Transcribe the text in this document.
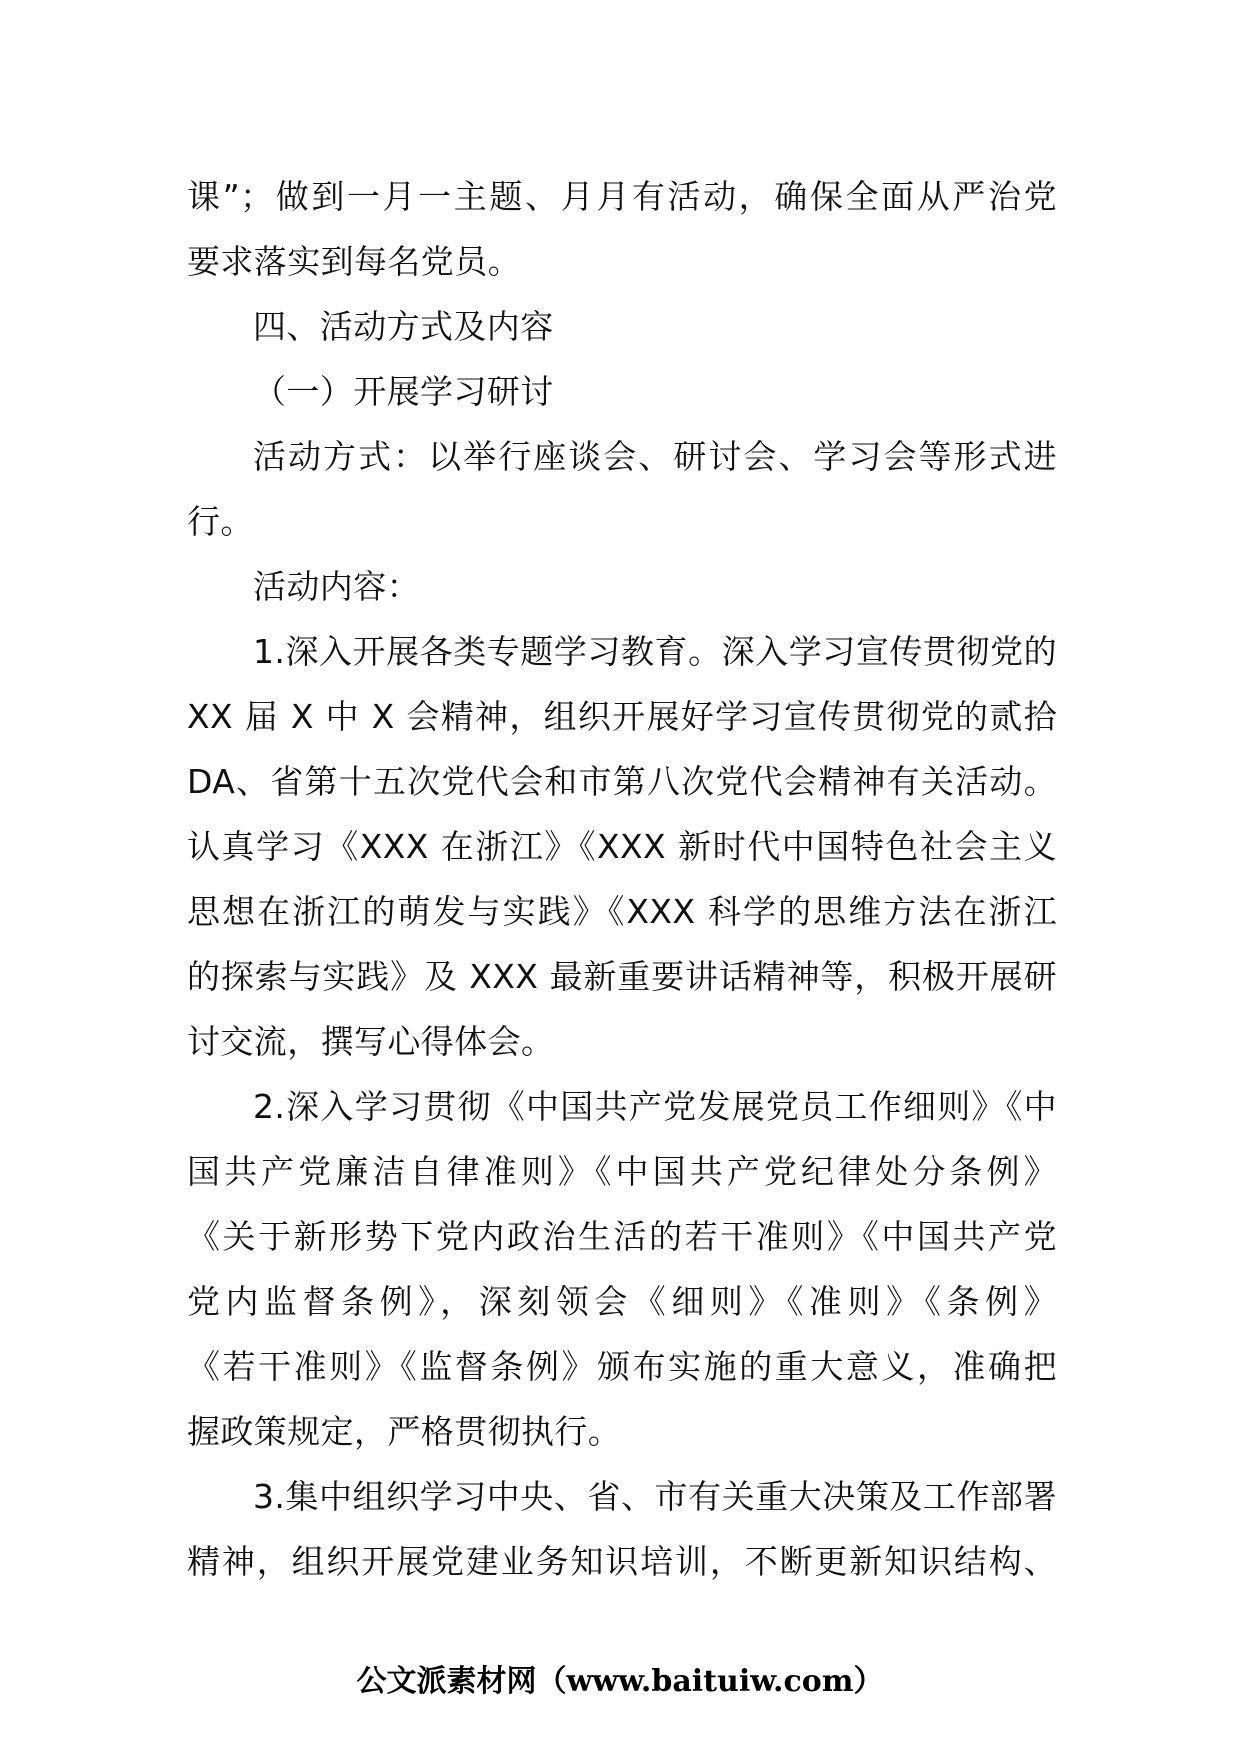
课”；做到一月一主题、月月有活动，确保全面从严治党
要求落实到每名党员。
四、活动方式及内容
（一）开展学习研讨
活动方式：以举行座谈会、研讨会、学习会等形式进
行。
活动内容：
1.深入开展各类专题学习教育。深入学习宣传贯彻党的
XX 届 X 中 X 会精神，组织开展好学习宣传贯彻党的贰拾
DA、省第十五次党代会和市第八次党代会精神有关活动。
认真学习《XXX 在浙江》《XXX 新时代中国特色社会主义
思想在浙江的萌发与实践》《XXX 科学的思维方法在浙江
的探索与实践》及 XXX 最新重要讲话精神等，积极开展研
讨交流，撰写心得体会。
2.深入学习贯彻《中国共产党发展党员工作细则》《中
国共产党廉洁自律准则》《中国共产党纪律处分条例》
《关于新形势下党内政治生活的若干准则》《中国共产党
党内监督条例》，深刻领会《细则》《准则》《条例》
《若干准则》《监督条例》颁布实施的重大意义，准确把
握政策规定，严格贯彻执行。
3.集中组织学习中央、省、市有关重大决策及工作部署
精神，组织开展党建业务知识培训，不断更新知识结构、
公文派素材网（www.baituiw.com）
